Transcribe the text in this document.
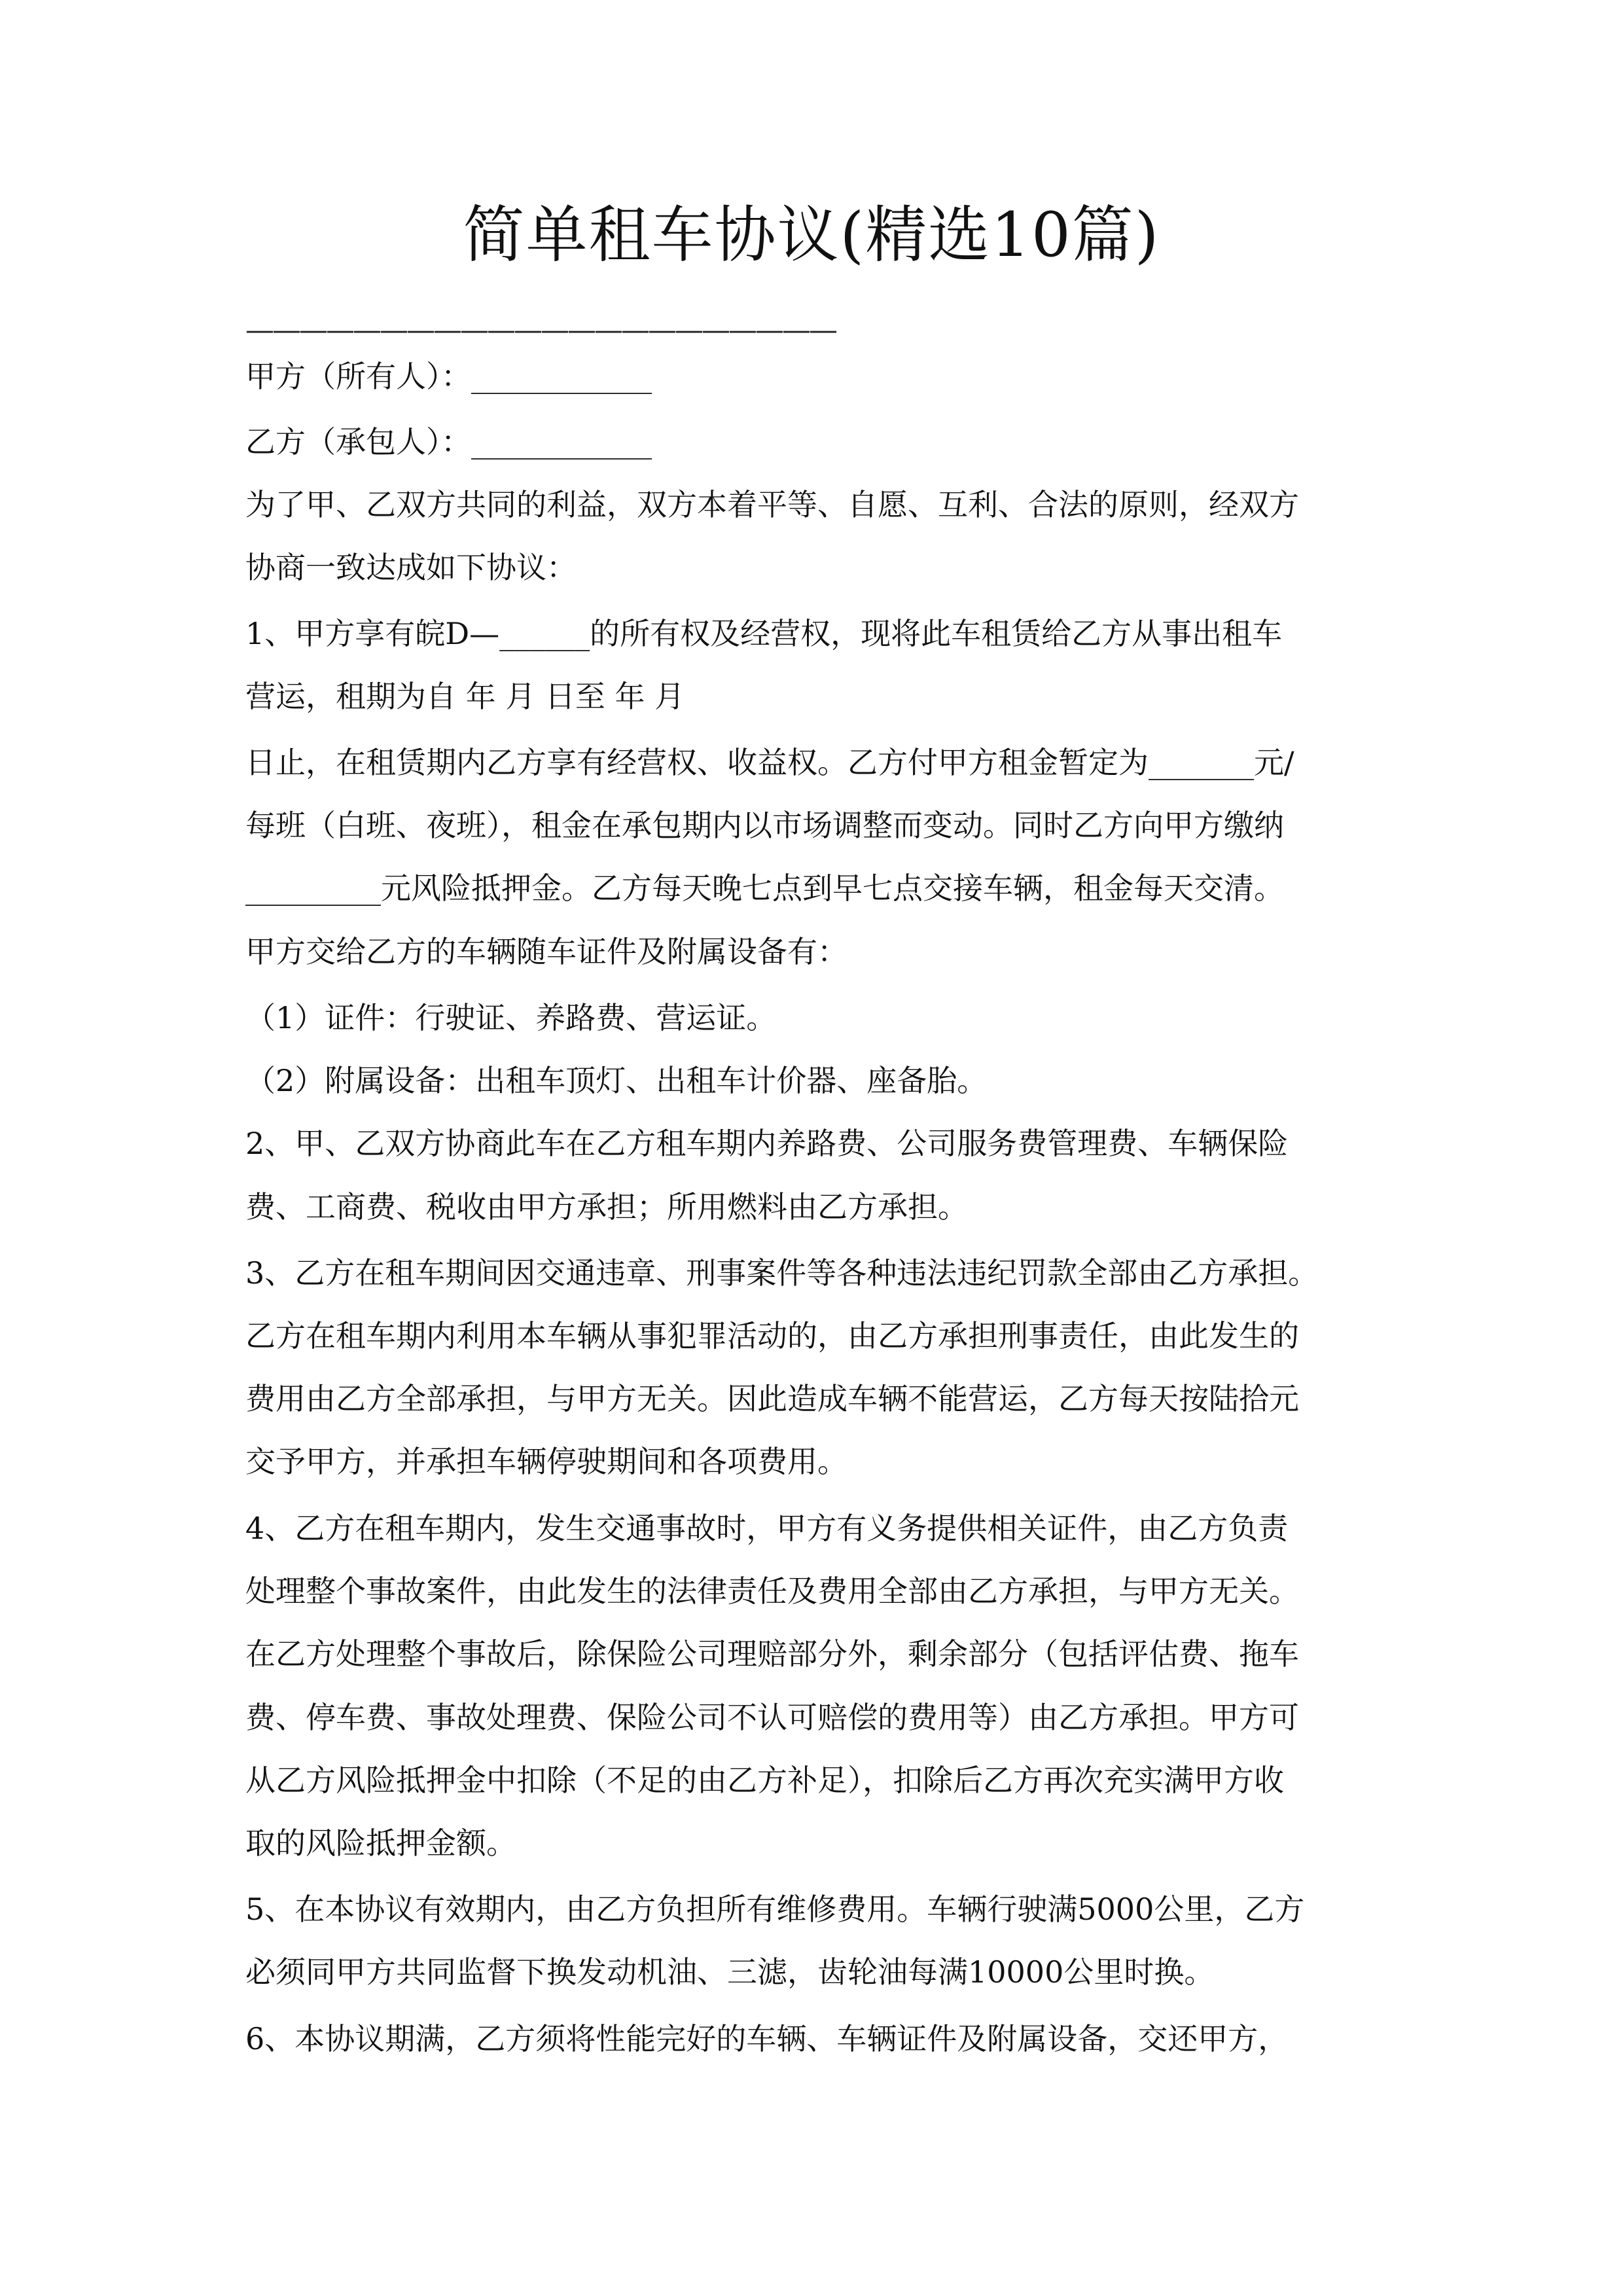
简单租车协议(精选10篇)
——————————————————————
甲方（所有人）：____________
乙方（承包人）：____________
为了甲、乙双方共同的利益，双方本着平等、自愿、互利、合法的原则，经双方
协商一致达成如下协议：
1、甲方享有皖D—______的所有权及经营权，现将此车租赁给乙方从事出租车
营运，租期为自 年 月 日至 年 月
日止，在租赁期内乙方享有经营权、收益权。乙方付甲方租金暂定为_______元/
每班（白班、夜班），租金在承包期内以市场调整而变动。同时乙方向甲方缴纳
_________元风险抵押金。乙方每天晚七点到早七点交接车辆，租金每天交清。
甲方交给乙方的车辆随车证件及附属设备有：
（1）证件：行驶证、养路费、营运证。
（2）附属设备：出租车顶灯、出租车计价器、座备胎。
2、甲、乙双方协商此车在乙方租车期内养路费、公司服务费管理费、车辆保险
费、工商费、税收由甲方承担；所用燃料由乙方承担。
3、乙方在租车期间因交通违章、刑事案件等各种违法违纪罚款全部由乙方承担。
乙方在租车期内利用本车辆从事犯罪活动的，由乙方承担刑事责任，由此发生的
费用由乙方全部承担，与甲方无关。因此造成车辆不能营运，乙方每天按陆拾元
交予甲方，并承担车辆停驶期间和各项费用。
4、乙方在租车期内，发生交通事故时，甲方有义务提供相关证件，由乙方负责
处理整个事故案件，由此发生的法律责任及费用全部由乙方承担，与甲方无关。
在乙方处理整个事故后，除保险公司理赔部分外，剩余部分（包括评估费、拖车
费、停车费、事故处理费、保险公司不认可赔偿的费用等）由乙方承担。甲方可
从乙方风险抵押金中扣除（不足的由乙方补足），扣除后乙方再次充实满甲方收
取的风险抵押金额。
5、在本协议有效期内，由乙方负担所有维修费用。车辆行驶满5000公里，乙方
必须同甲方共同监督下换发动机油、三滤，齿轮油每满10000公里时换。
6、本协议期满，乙方须将性能完好的车辆、车辆证件及附属设备，交还甲方，
